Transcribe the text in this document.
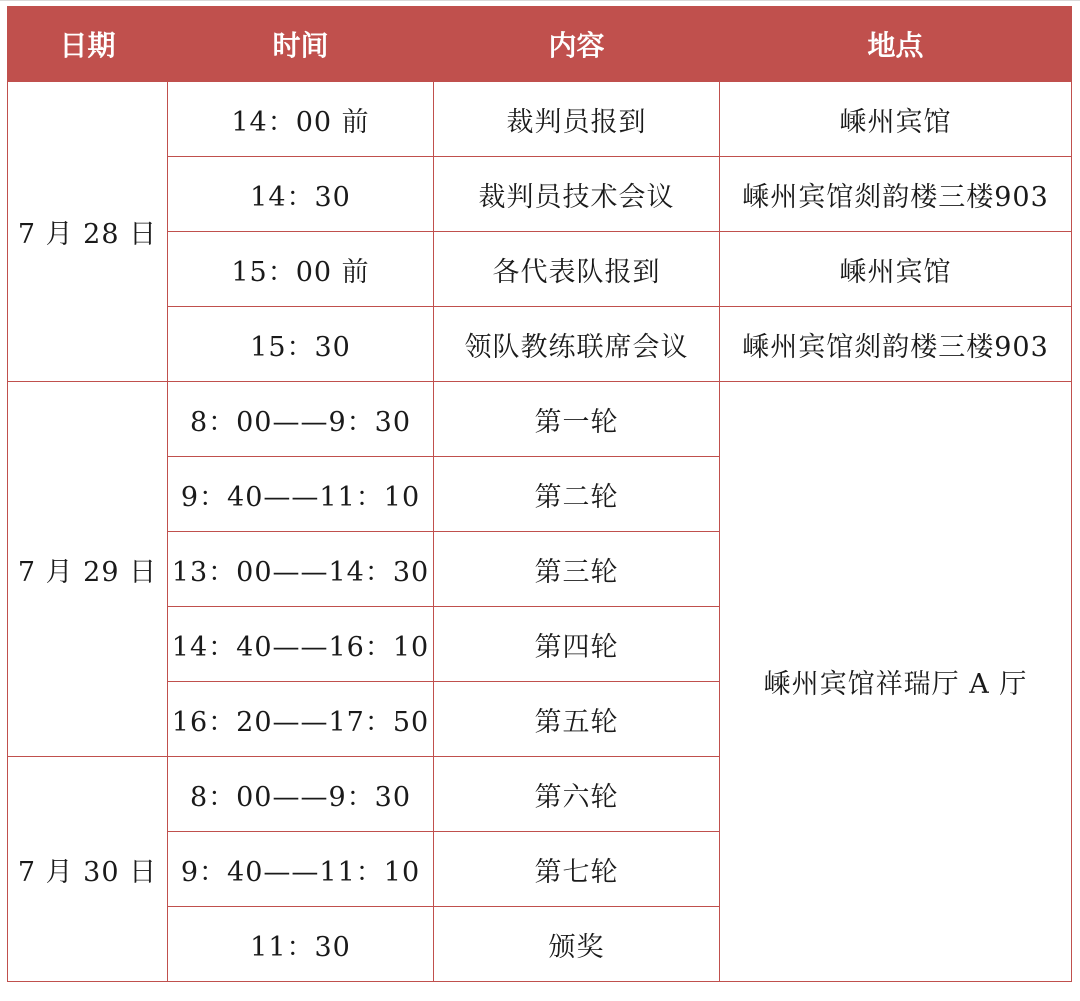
日期	时间	内容	地点
7 月 28 日	14：00 前	裁判员报到	嵊州宾馆
	14：30	裁判员技术会议	嵊州宾馆剡韵楼三楼903
	15：00 前	各代表队报到	嵊州宾馆
	15：30	领队教练联席会议	嵊州宾馆剡韵楼三楼903
7 月 29 日	8：00——9：30	第一轮	嵊州宾馆祥瑞厅 A 厅
	9：40——11：10	第二轮	
	13：00——14：30	第三轮	
	14：40——16：10	第四轮	
	16：20——17：50	第五轮	
7 月 30 日	8：00——9：30	第六轮	
	9：40——11：10	第七轮	
	11：30	颁奖	
